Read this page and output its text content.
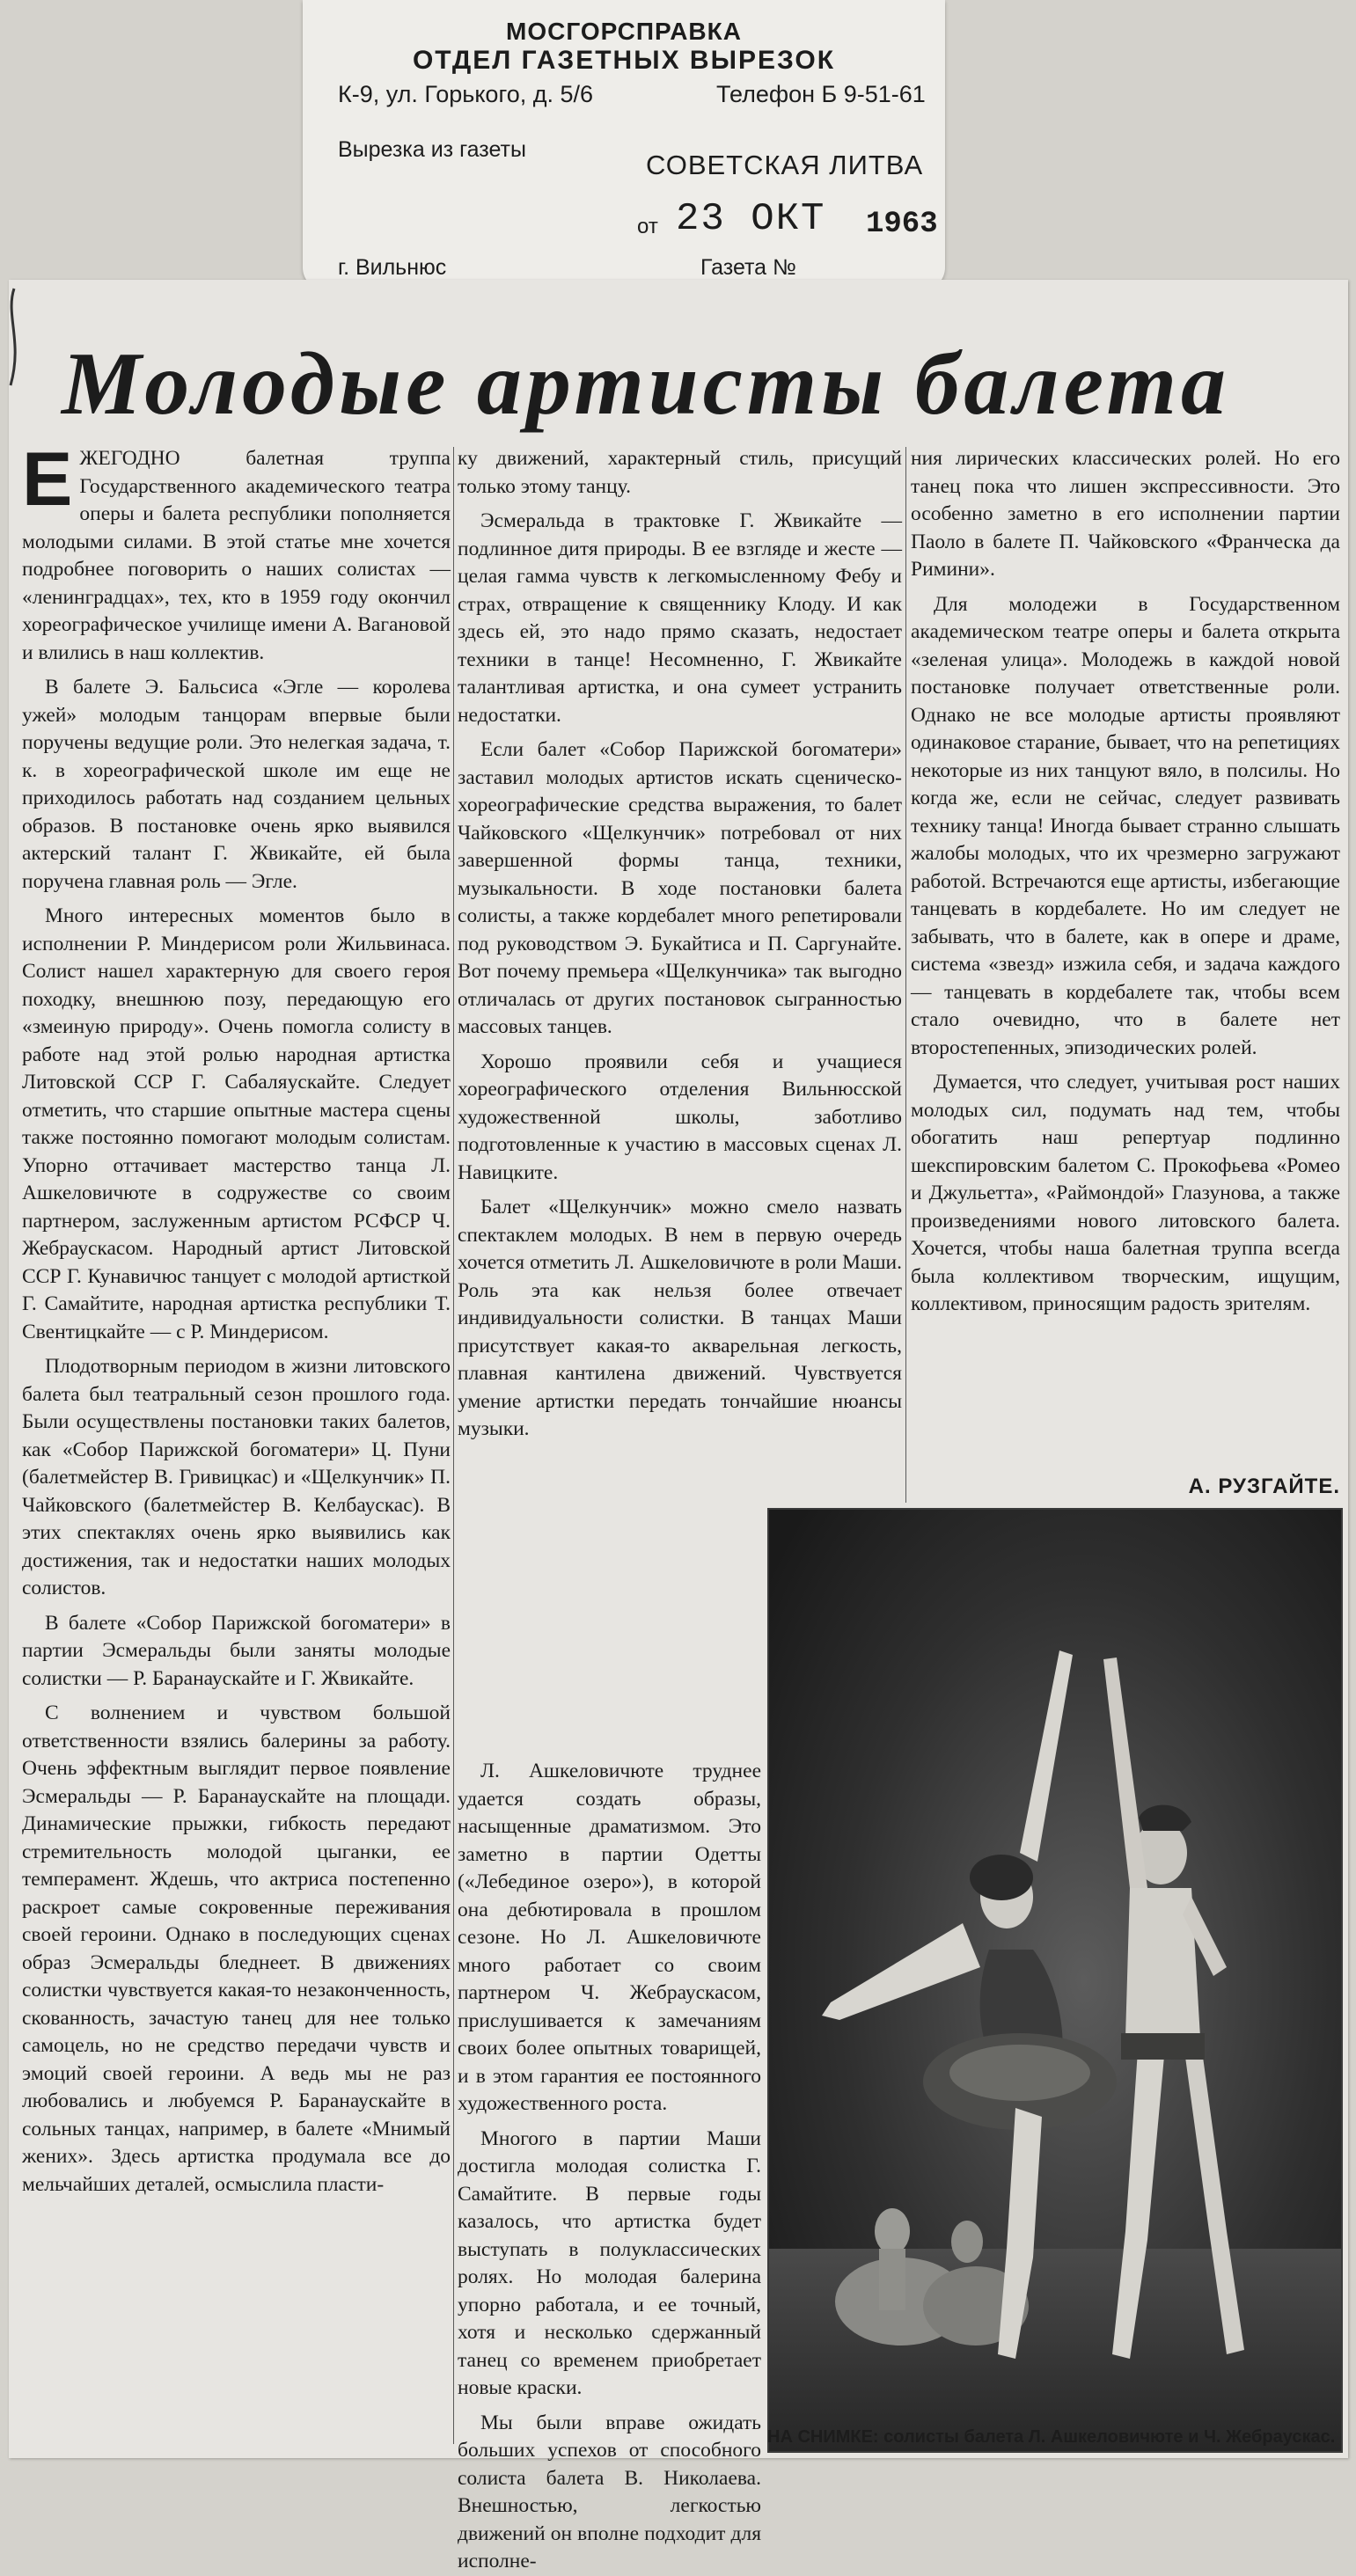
МОСГОРСПРАВКА
ОТДЕЛ ГАЗЕТНЫХ ВЫРЕЗОК
К-9, ул. Горького, д. 5/6	Телефон Б 9-51-61
Вырезка из газеты	СОВЕТСКАЯ ЛИТВА
от 23 ОКТ 1963
г. Вильнюс	Газета №
Молодые артисты балета

ЕЖЕГОДНО балетная труппа Государственного академического театра оперы и балета республики пополняется молодыми силами. В этой статье мне хочется подробнее поговорить о наших солистах — «ленинградцах», тех, кто в 1959 году окончил хореографическое училище имени А. Вагановой и влились в наш коллектив.

В балете Э. Бальсиса «Эгле — королева ужей» молодым танцорам впервые были поручены ведущие роли. Это нелегкая задача, т. к. в хореографической школе им еще не приходилось работать над созданием цельных образов. В постановке очень ярко выявился актерский талант Г. Жвикайте, ей была поручена главная роль — Эгле.

Много интересных моментов было в исполнении Р. Миндерисом роли Жильвинаса. Солист нашел характерную для своего героя походку, внешнюю позу, передающую его «змеиную природу». Очень помогла солисту в работе над этой ролью народная артистка Литовской ССР Г. Сабаляускайте. Следует отметить, что старшие опытные мастера сцены также постоянно помогают молодым солистам. Упорно оттачивает мастерство танца Л. Ашкеловичюте в содружестве со своим партнером, заслуженным артистом РСФСР Ч. Жебраускасом. Народный артист Литовской ССР Г. Кунавичюс танцует с молодой артисткой Г. Самайтите, народная артистка республики Т. Свентицкайте — с Р. Миндерисом.

Плодотворным периодом в жизни литовского балета был театральный сезон прошлого года. Были осуществлены постановки таких балетов, как «Собор Парижской богоматери» Ц. Пуни (балетмейстер В. Гривицкас) и «Щелкунчик» П. Чайковского (балетмейстер В. Келбаускас). В этих спектаклях очень ярко выявились как достижения, так и недостатки наших молодых солистов.

В балете «Собор Парижской богоматери» в партии Эсмеральды были заняты молодые солистки — Р. Баранаускайте и Г. Жвикайте.

С волнением и чувством большой ответственности взялись балерины за работу. Очень эффектным выглядит первое появление Эсмеральды — Р. Баранаускайте на площади. Динамические прыжки, гибкость передают стремительность молодой цыганки, ее темперамент. Ждешь, что актриса постепенно раскроет самые сокровенные переживания своей героини. Однако в последующих сценах образ Эсмеральды бледнеет. В движениях солистки чувствуется какая-то незаконченность, скованность, зачастую танец для нее только самоцель, но не средство передачи чувств и эмоций своей героини. А ведь мы не раз любовались и любуемся Р. Баранаускайте в сольных танцах, например, в балете «Мнимый жених». Здесь артистка продумала все до мельчайших деталей, осмыслила пласти-

ку движений, характерный стиль, присущий только этому танцу.

Эсмеральда в трактовке Г. Жвикайте — подлинное дитя природы. В ее взгляде и жесте — целая гамма чувств к легкомысленному Фебу и страх, отвращение к священнику Клоду. И как здесь ей, это надо прямо сказать, недостает техники в танце! Несомненно, Г. Жвикайте талантливая артистка, и она сумеет устранить недостатки.

Если балет «Собор Парижской богоматери» заставил молодых артистов искать сценическо-хореографические средства выражения, то балет Чайковского «Щелкунчик» потребовал от них завершенной формы танца, техники, музыкальности. В ходе постановки балета солисты, а также кордебалет много репетировали под руководством Э. Букайтиса и П. Саргунайте. Вот почему премьера «Щелкунчика» так выгодно отличалась от других постановок сыгранностью массовых танцев.

Хорошо проявили себя и учащиеся хореографического отделения Вильнюсской художественной школы, заботливо подготовленные к участию в массовых сценах Л. Навицките.

Балет «Щелкунчик» можно смело назвать спектаклем молодых. В нем в первую очередь хочется отметить Л. Ашкеловичюте в роли Маши. Роль эта как нельзя более отвечает индивидуальности солистки. В танцах Маши присутствует какая-то акварельная легкость, плавная кантилена движений. Чувствуется умение артистки передать тончайшие нюансы музыки.

Л. Ашкеловичюте труднее удается создать образы, насыщенные драматизмом. Это заметно в партии Одетты («Лебединое озеро»), в которой она дебютировала в прошлом сезоне. Но Л. Ашкеловичюте много работает со своим партнером Ч. Жебраускасом, прислушивается к замечаниям своих более опытных товарищей, и в этом гарантия ее постоянного художественного роста.

Многого в партии Маши достигла молодая солистка Г. Самайтите. В первые годы казалось, что артистка будет выступать в полуклассических ролях. Но молодая балерина упорно работала, и ее точный, хотя и несколько сдержанный танец со временем приобретает новые краски.

Мы были вправе ожидать больших успехов от способного солиста балета В. Николаева. Внешностью, легкостью движений он вполне подходит для исполне-

ния лирических классических ролей. Но его танец пока что лишен экспрессивности. Это особенно заметно в его исполнении партии Паоло в балете П. Чайковского «Франческа да Римини».

Для молодежи в Государственном академическом театре оперы и балета открыта «зеленая улица». Молодежь в каждой новой постановке получает ответственные роли. Однако не все молодые артисты проявляют одинаковое старание, бывает, что на репетициях некоторые из них танцуют вяло, в полсилы. Но когда же, если не сейчас, следует развивать технику танца! Иногда бывает странно слышать жалобы молодых, что их чрезмерно загружают работой. Встречаются еще артисты, избегающие танцевать в кордебалете. Но им следует не забывать, что в балете, как в опере и драме, система «звезд» изжила себя, и задача каждого — танцевать в кордебалете так, чтобы всем стало очевидно, что в балете нет второстепенных, эпизодических ролей.

Думается, что следует, учитывая рост наших молодых сил, подумать над тем, чтобы обогатить наш репертуар подлинно шекспировским балетом С. Прокофьева «Ромео и Джульетта», «Раймондой» Глазунова, а также произведениями нового литовского балета. Хочется, чтобы наша балетная труппа всегда была коллективом творческим, ищущим, коллективом, приносящим радость зрителям.

А. РУЗГАЙТЕ.
НА СНИМКЕ: солисты балета Л. Ашкеловичюте и Ч. Жебраускас.
